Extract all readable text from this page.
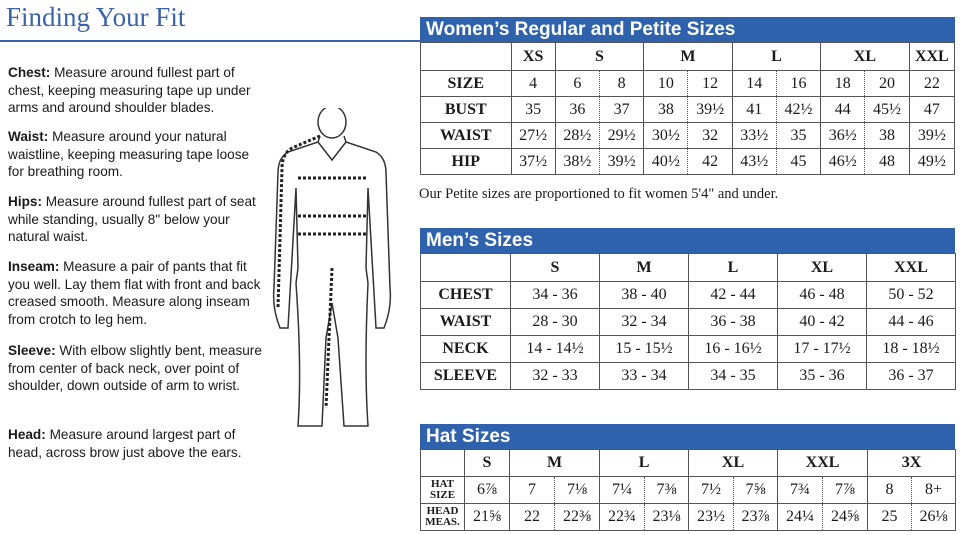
Finding Your Fit
Chest: Measure around fullest part of chest, keeping measuring tape up under arms and around shoulder blades.
Waist: Measure around your natural waistline, keeping measuring tape loose for breathing room.
Hips: Measure around fullest part of seat while standing, usually 8" below your natural waist.
Inseam: Measure a pair of pants that fit you well. Lay them flat with front and back creased smooth. Measure along inseam from crotch to leg hem.
Sleeve: With elbow slightly bent, measure from center of back neck, over point of shoulder, down outside of arm to wrist.
Head: Measure around largest part of head, across brow just above the ears.
Women’s Regular and Petite Sizes
	XS	S		M		L		XL		XXL
SIZE	4	6	8	10	12	14	16	18	20	22
BUST	35	36	37	38	39½	41	42½	44	45½	47
WAIST	27½	28½	29½	30½	32	33½	35	36½	38	39½
HIP	37½	38½	39½	40½	42	43½	45	46½	48	49½
Our Petite sizes are proportioned to fit women 5'4" and under.
Men’s Sizes
	S	M	L	XL	XXL
CHEST	34 - 36	38 - 40	42 - 44	46 - 48	50 - 52
WAIST	28 - 30	32 - 34	36 - 38	40 - 42	44 - 46
NECK	14 - 14½	15 - 15½	16 - 16½	17 - 17½	18 - 18½
SLEEVE	32 - 33	33 - 34	34 - 35	35 - 36	36 - 37
Hat Sizes
	S	M		L		XL		XXL		3X	
HAT
SIZE	6⅞	7	7⅛	7¼	7⅜	7½	7⅝	7¾	7⅞	8	8+
HEAD
MEAS.	21⅝	22	22⅜	22¾	23⅛	23½	23⅞	24¼	24⅝	25	26⅛
